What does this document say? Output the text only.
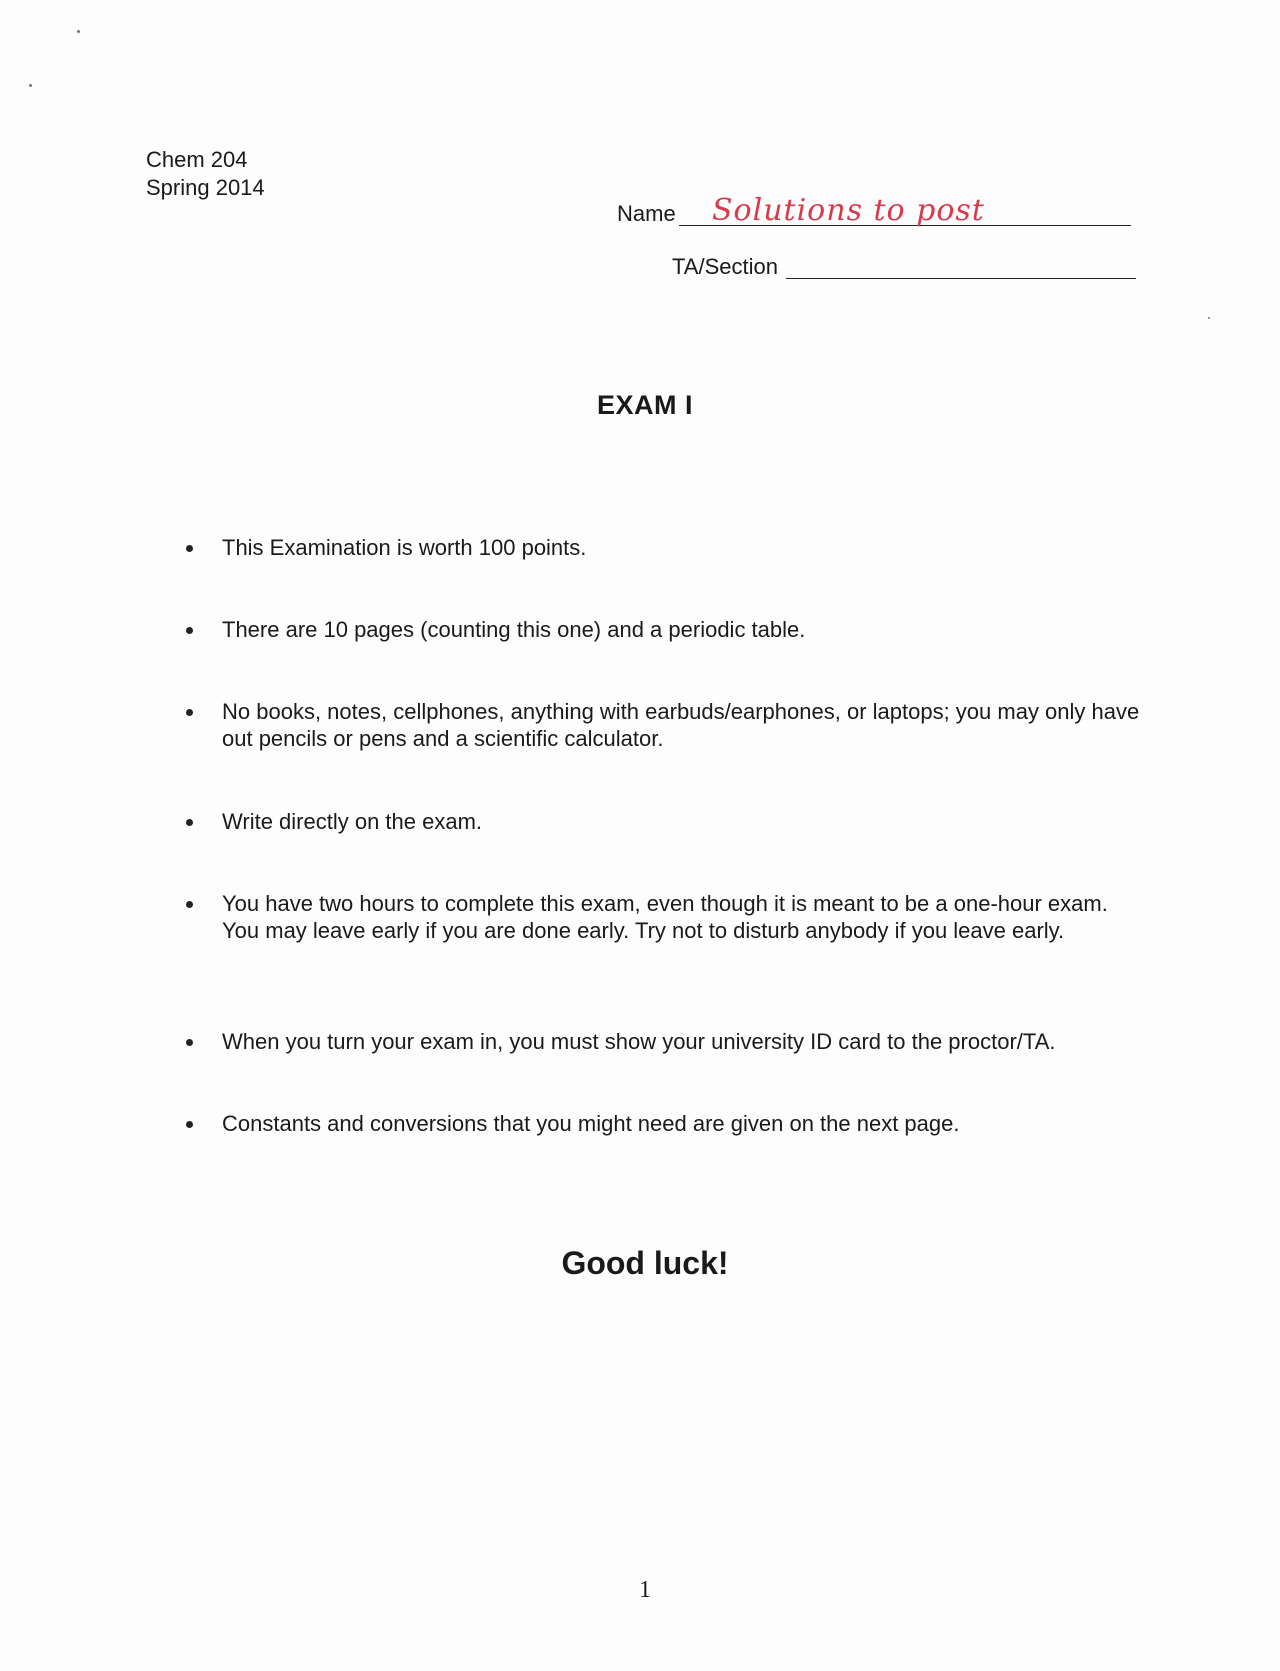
Chem 204
Spring 2014
Name Solutions to post
TA/Section
EXAM I
This Examination is worth 100 points.
There are 10 pages (counting this one) and a periodic table.
No books, notes, cellphones, anything with earbuds/earphones, or laptops; you may only have out pencils or pens and a scientific calculator.
Write directly on the exam.
You have two hours to complete this exam, even though it is meant to be a one-hour exam. You may leave early if you are done early. Try not to disturb anybody if you leave early.
When you turn your exam in, you must show your university ID card to the proctor/TA.
Constants and conversions that you might need are given on the next page.
Good luck!
1
